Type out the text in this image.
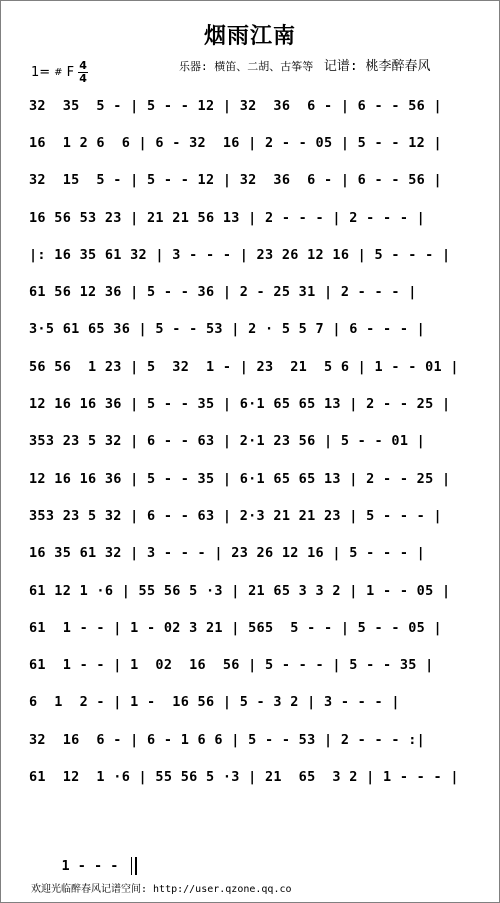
烟雨江南
1= # F 4
4
乐器: 横笛、二胡、古筝等 记谱: 桃李醉春风
32  35  5 - | 5 - - 12 | 32  36  6 - | 6 - - 56 |
16  1 2 6  6 | 6 - 32  16 | 2 - - 05 | 5 - - 12 |
32  15  5 - | 5 - - 12 | 32  36  6 - | 6 - - 56 |
16 56 53 23 | 21 21 56 13 | 2 - - - | 2 - - - |
|: 16 35 61 32 | 3 - - - | 23 26 12 16 | 5 - - - |
61 56 12 36 | 5 - - 36 | 2 - 25 31 | 2 - - - |
3·5 61 65 36 | 5 - - 53 | 2 · 5 5 7 | 6 - - - |
56 56  1 23 | 5  32  1 - | 23  21  5 6 | 1 - - 01 |
12 16 16 36 | 5 - - 35 | 6·1 65 65 13 | 2 - - 25 |
353 23 5 32 | 6 - - 63 | 2·1 23 56 | 5 - - 01 |
12 16 16 36 | 5 - - 35 | 6·1 65 65 13 | 2 - - 25 |
353 23 5 32 | 6 - - 63 | 2·3 21 21 23 | 5 - - - |
16 35 61 32 | 3 - - - | 23 26 12 16 | 5 - - - |
61 12 1 ·6 | 55 56 5 ·3 | 21 65 3 3 2 | 1 - - 05 |
61  1 - - | 1 - 02 3 21 | 565  5 - - | 5 - - 05 |
61  1 - - | 1  02  16  56 | 5 - - - | 5 - - 35 |
6  1  2 - | 1 -  16 56 | 5 - 3 2 | 3 - - - |
32  16  6 - | 6 - 1 6 6 | 5 - - 53 | 2 - - - :|
61  12  1 ·6 | 55 56 5 ·3 | 21  65  3 2 | 1 - - - |

1 - - -

欢迎光临醉春风记谱空间: http://user.qzone.qq.co
